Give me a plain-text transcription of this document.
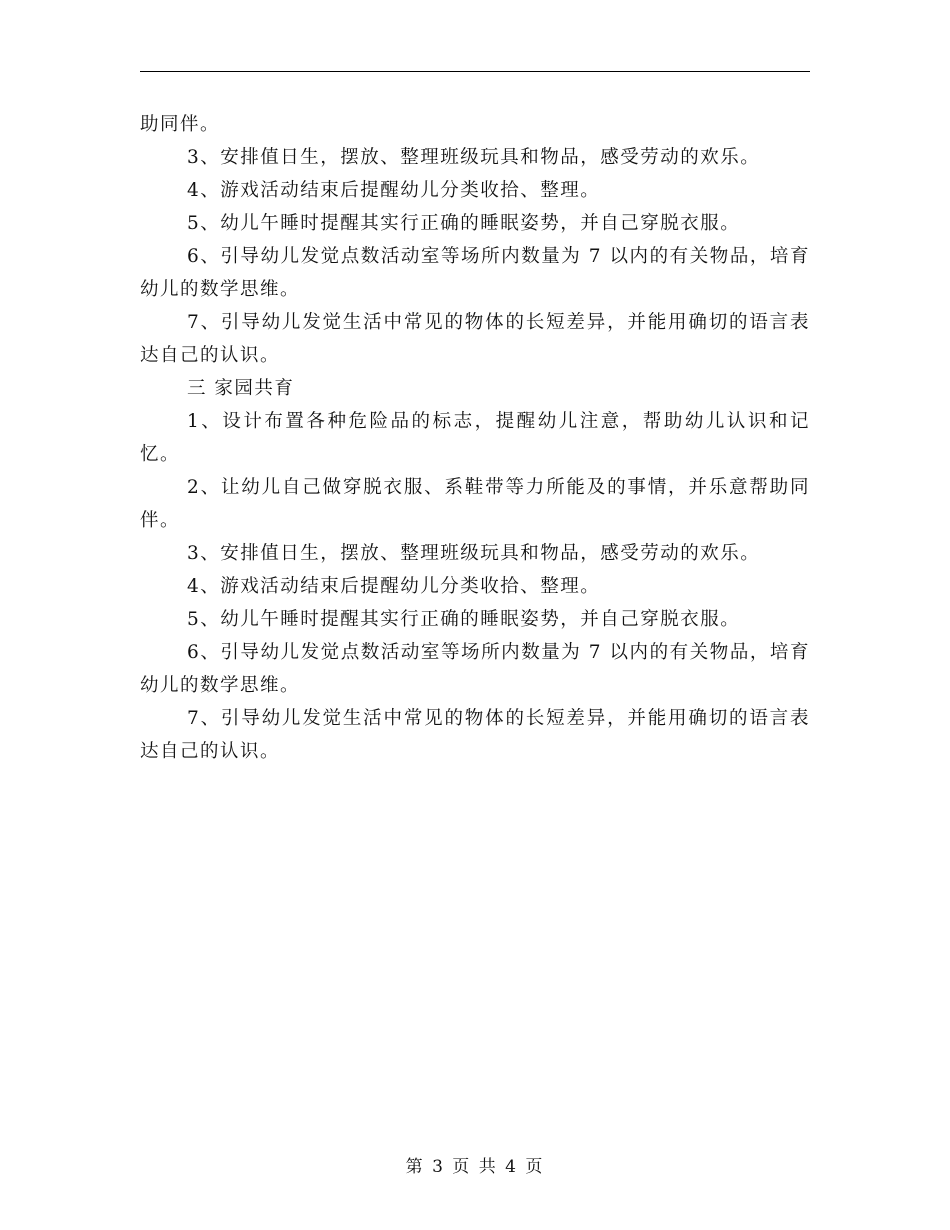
助同伴。

3、安排值日生，摆放、整理班级玩具和物品，感受劳动的欢乐。

4、游戏活动结束后提醒幼儿分类收拾、整理。

5、幼儿午睡时提醒其实行正确的睡眠姿势，并自己穿脱衣服。

6、引导幼儿发觉点数活动室等场所内数量为 7 以内的有关物品，培育幼儿的数学思维。

7、引导幼儿发觉生活中常见的物体的长短差异，并能用确切的语言表达自己的认识。

三 家园共育

1、设计布置各种危险品的标志，提醒幼儿注意，帮助幼儿认识和记忆。

2、让幼儿自己做穿脱衣服、系鞋带等力所能及的事情，并乐意帮助同伴。

3、安排值日生，摆放、整理班级玩具和物品，感受劳动的欢乐。

4、游戏活动结束后提醒幼儿分类收拾、整理。

5、幼儿午睡时提醒其实行正确的睡眠姿势，并自己穿脱衣服。

6、引导幼儿发觉点数活动室等场所内数量为 7 以内的有关物品，培育幼儿的数学思维。

7、引导幼儿发觉生活中常见的物体的长短差异，并能用确切的语言表达自己的认识。

第 3 页 共 4 页
